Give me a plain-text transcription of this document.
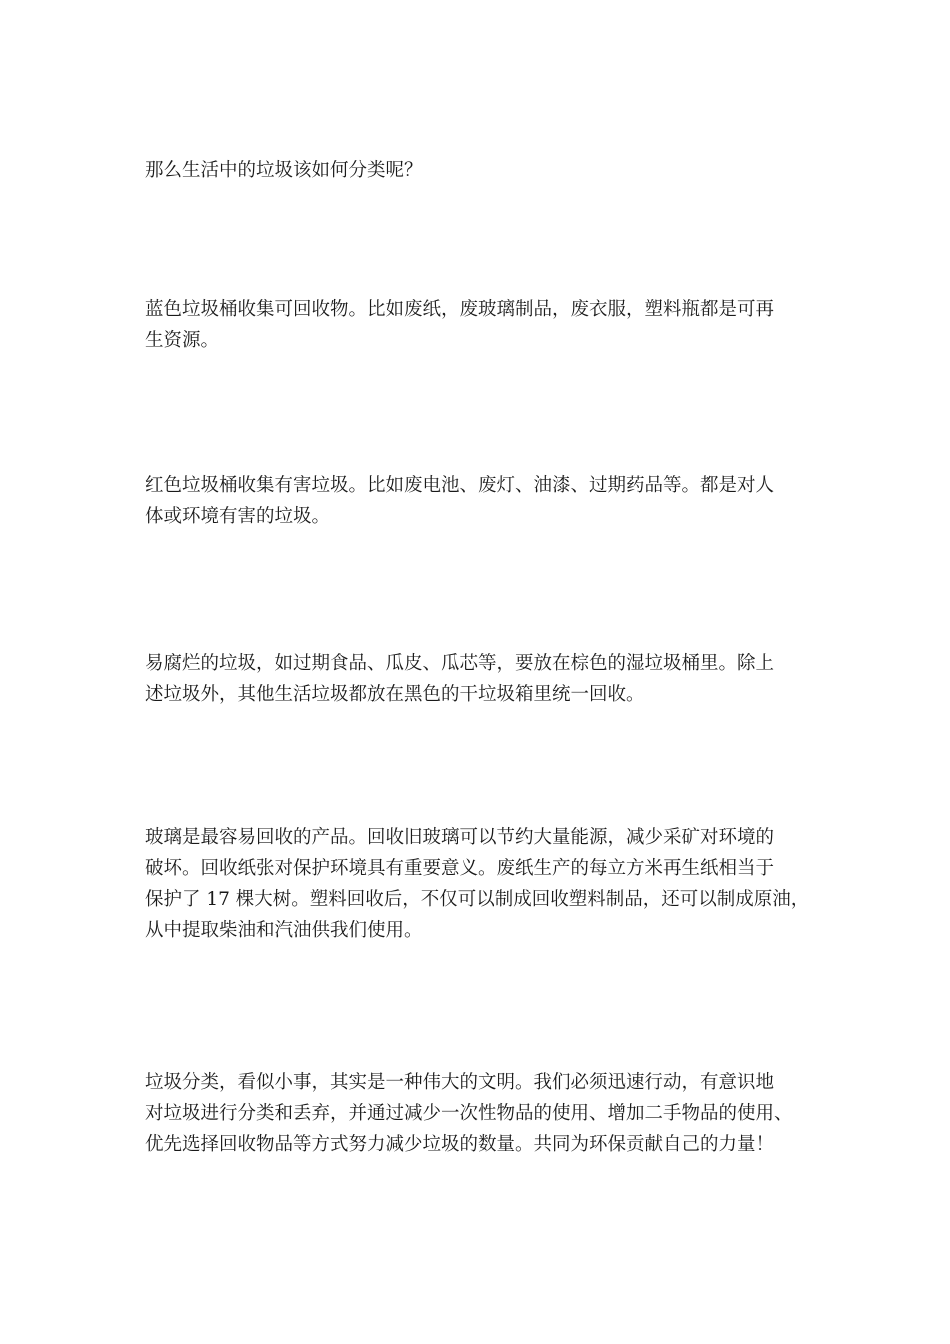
那么生活中的垃圾该如何分类呢？

蓝色垃圾桶收集可回收物。比如废纸，废玻璃制品，废衣服，塑料瓶都是可再
生资源。

红色垃圾桶收集有害垃圾。比如废电池、废灯、油漆、过期药品等。都是对人
体或环境有害的垃圾。

易腐烂的垃圾，如过期食品、瓜皮、瓜芯等，要放在棕色的湿垃圾桶里。除上
述垃圾外，其他生活垃圾都放在黑色的干垃圾箱里统一回收。

玻璃是最容易回收的产品。回收旧玻璃可以节约大量能源，减少采矿对环境的
破坏。回收纸张对保护环境具有重要意义。废纸生产的每立方米再生纸相当于
保护了 17 棵大树。塑料回收后，不仅可以制成回收塑料制品，还可以制成原油，
从中提取柴油和汽油供我们使用。

垃圾分类，看似小事，其实是一种伟大的文明。我们必须迅速行动，有意识地
对垃圾进行分类和丢弃，并通过减少一次性物品的使用、增加二手物品的使用、
优先选择回收物品等方式努力减少垃圾的数量。共同为环保贡献自己的力量！
